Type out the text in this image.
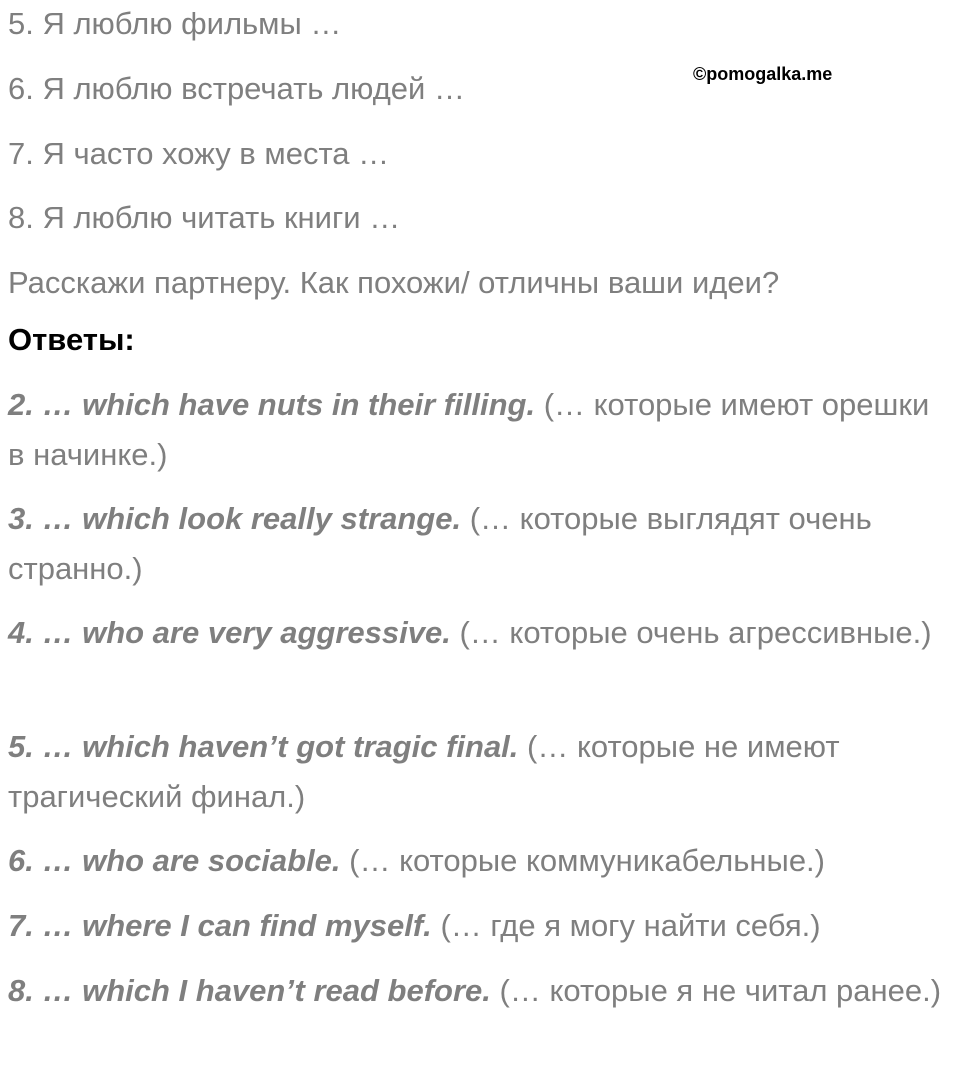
©pomogalka.me
5. Я люблю фильмы …
6. Я люблю встречать людей …
7. Я часто хожу в места …
8. Я люблю читать книги …
Расскажи партнеру. Как похожи/ отличны ваши идеи?
Ответы:
2. … which have nuts in their filling. (… которые имеют орешки в начинке.)
3. … which look really strange. (… которые выглядят очень странно.)
4. … who are very aggressive. (… которые очень агрессивные.)
5. … which haven’t got tragic final. (… которые не имеют трагический финал.)
6. … who are sociable. (… которые коммуникабельные.)
7. … where I can find myself. (… где я могу найти себя.)
8. … which I haven’t read before. (… которые я не читал ранее.)
